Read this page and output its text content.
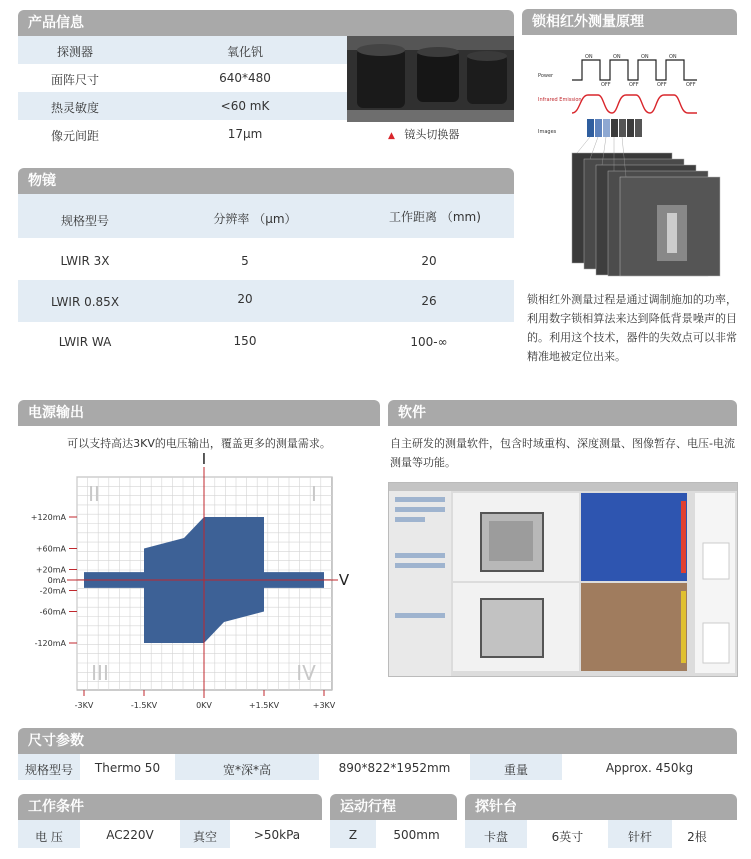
产品信息
探测器	氧化钒
面阵尺寸	640*480
热灵敏度	<60 mK
像元间距	17μm	▲ 镜头切换器
锁相红外测量原理
Power
ON	ON	ON	ON
OFF	OFF	OFF	OFF
Infrared Emission
Images
锁相红外测量过程是通过调制施加的功率，利用数字锁相算法来达到降低背景噪声的目的。利用这个技术，器件的失效点可以非常精准地被定位出来。
物镜
规格型号	分辨率 （μm）	工作距离 （mm)
LWIR 3X	5	20
LWIR 0.85X	20	26
LWIR WA	150	100-∞
电源输出
可以支持高达3KV的电压输出，覆盖更多的测量需求。
I
V
+120mA
+60mA
+20mA
0mA
-20mA
-60mA
-120mA
-3KV	-1.5KV	0KV	+1.5KV	+3KV
II	I
III	IV
软件
自主研发的测量软件，包含时域重构、深度测量、图像暂存、电压-电流测量等功能。
尺寸参数
规格型号	Thermo 50	宽*深*高	890*822*1952mm	重量	Approx. 450kg
工作条件
电 压	AC220V	真空	>50kPa
运动行程
Z	500mm
探针台
卡盘	6英寸	针杆	2根
